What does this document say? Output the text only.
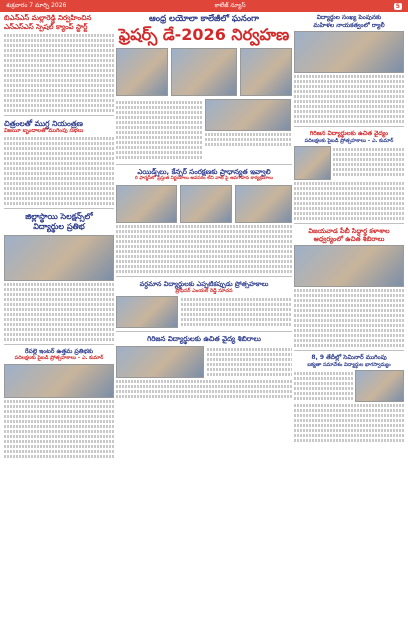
శుక్రవారం 7 మార్చి 2026	కాలేజ్ న్యూస్	5
బిఎన్‌ఎస్ మల్లారెడ్డి నిర్వహించిన
ఎన్‌ఎస్‌ఎస్ స్పెషల్ క్యాంప్ స్టార్ట్
చిత్రంలతో ముగ్ధ నియంత్రణ
విజయీ బృందాలతో ముగింపు సభలు
జిల్లాస్థాయి సెలక్షన్స్‌లో
విద్యార్థుల ప్రతిభ
రేపల్లె ఇంటర్ ఉత్తమ ప్రతిభకు
పదిలక్షలకు పైబడి ప్రోత్సహకాలు – ఎ. కుమార్
ఆంధ్ర లయోలా కాలేజీలో ఘనంగా
ఫ్రెషర్స్ డే-2026 నిర్వహణ
ఎయిడ్స్‌లు, కేన్సర్ సంరక్షణకు ప్రాధాన్యత ఇవ్వాలి
రి ఫార్మసీలో ప్రస్తుత నిర్ణయాలు అవసరం లేని వాటి పై అవగాహన కార్యక్రమాలు
వర్ధమాన విద్యార్థులకు ఎప్పటికప్పుడు ప్రోత్సహకాలు
ప్రొఫెసర్ ఎంయల్ రెడ్డి సూచన
గిరిజన విద్యార్థులకు ఉచిత వైద్య శిబిరాలు
విద్యార్థుల సంఖ్య పెంపునకు
మహిళల నాయకత్వంలో ర్యాలీ
గిరిజన విద్యార్థులకు ఉచిత వైద్యం
పదిలక్షలకు పైబడి ప్రోత్సహకాలు – ఎ. కుమార్
విజయవాడ పీబీ సిద్ధార్థ కళాశాల
ఆధ్వర్యంలో ఉచిత శిబిరాలు
8, 9 తేదీల్లో సెమినార్ ముగింపు
ఐక్యతా సమావేశం విద్యార్థుల భాగస్వామ్యం
